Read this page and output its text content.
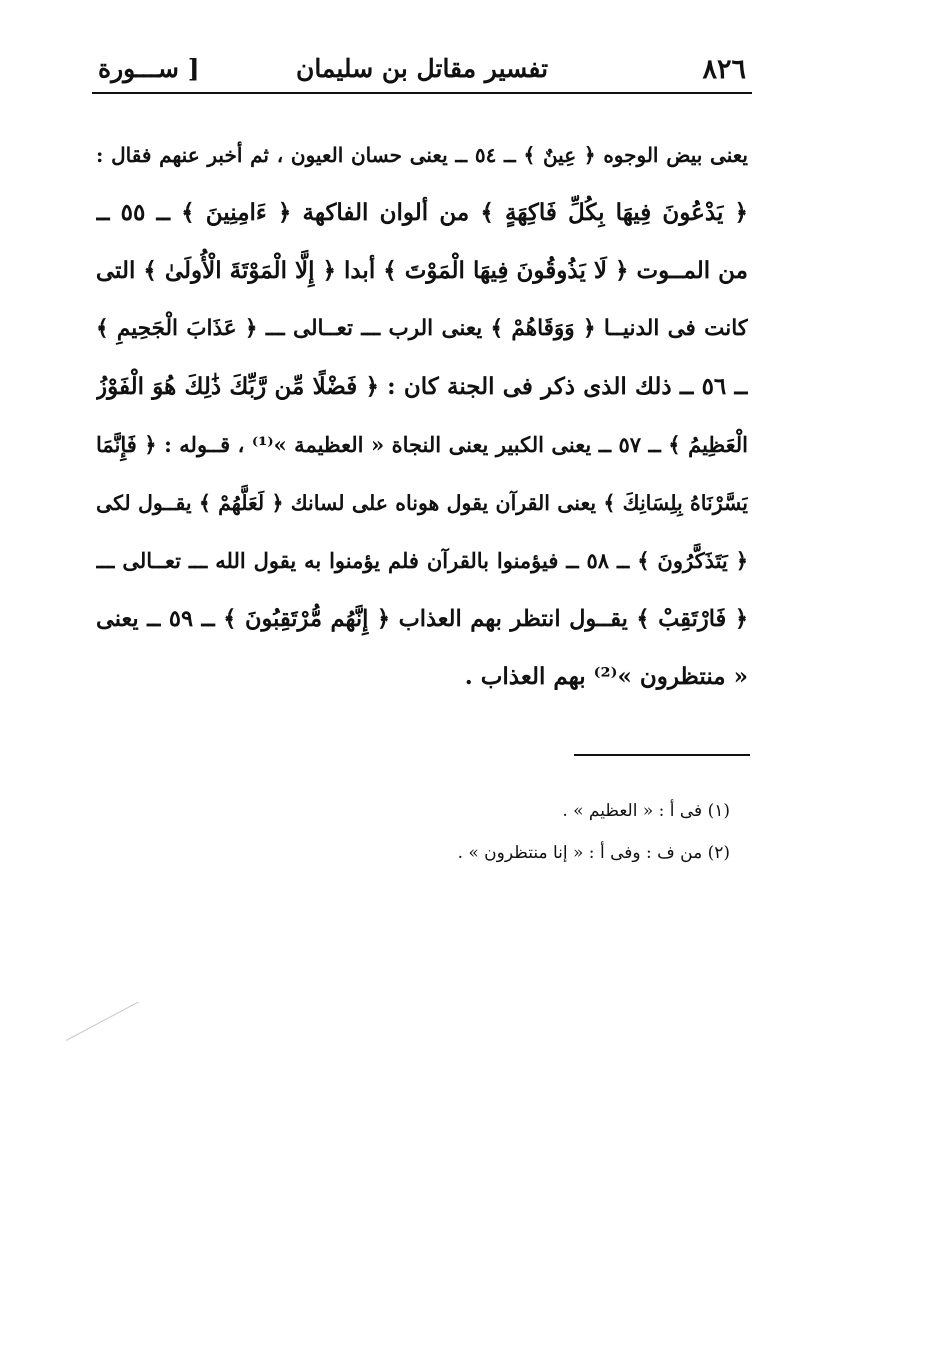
٨٢٦
تفسير مقاتل بن سليمان
[ ســـورة
يعنى بيض الوجوه ﴿ عِينٌ ﴾ ــ ٥٤ ــ يعنى حسان العيون ، ثم أخبر عنهم فقال :
﴿ يَدْعُونَ فِيهَا بِكُلِّ فَاكِهَةٍ ﴾ من ألوان الفاكهة ﴿ ءَامِنِينَ ﴾ ــ ٥٥ ــ
من المــوت ﴿ لَا يَذُوقُونَ فِيهَا الْمَوْتَ ﴾ أبدا ﴿ إِلَّا الْمَوْتَةَ الْأُولَىٰ ﴾ التى
كانت فى الدنيــا ﴿ وَوَقَاهُمْ ﴾ يعنى الرب ـــ تعــالى ـــ ﴿ عَذَابَ الْجَحِيمِ ﴾
ــ ٥٦ ــ ذلك الذى ذكر فى الجنة كان : ﴿ فَضْلًا مِّن رَّبِّكَ ذَٰلِكَ هُوَ الْفَوْزُ
الْعَظِيمُ ﴾ ــ ٥٧ ــ يعنى الكبير يعنى النجاة « العظيمة »⁽¹⁾ ، قــوله : ﴿ فَإِنَّمَا
يَسَّرْنَاهُ بِلِسَانِكَ ﴾ يعنى القرآن يقول هوناه على لسانك ﴿ لَعَلَّهُمْ ﴾ يقــول لكى
﴿ يَتَذَكَّرُونَ ﴾ ــ ٥٨ ــ فيؤمنوا بالقرآن فلم يؤمنوا به يقول الله ـــ تعــالى ـــ
﴿ فَارْتَقِبْ ﴾ يقــول انتظر بهم العذاب ﴿ إِنَّهُم مُّرْتَقِبُونَ ﴾ ــ ٥٩ ــ يعنى
« منتظرون »⁽²⁾ بهم العذاب .
(١) فى أ : « العظيم » .
(٢) من ف : وفى أ : « إنا منتظرون » .
